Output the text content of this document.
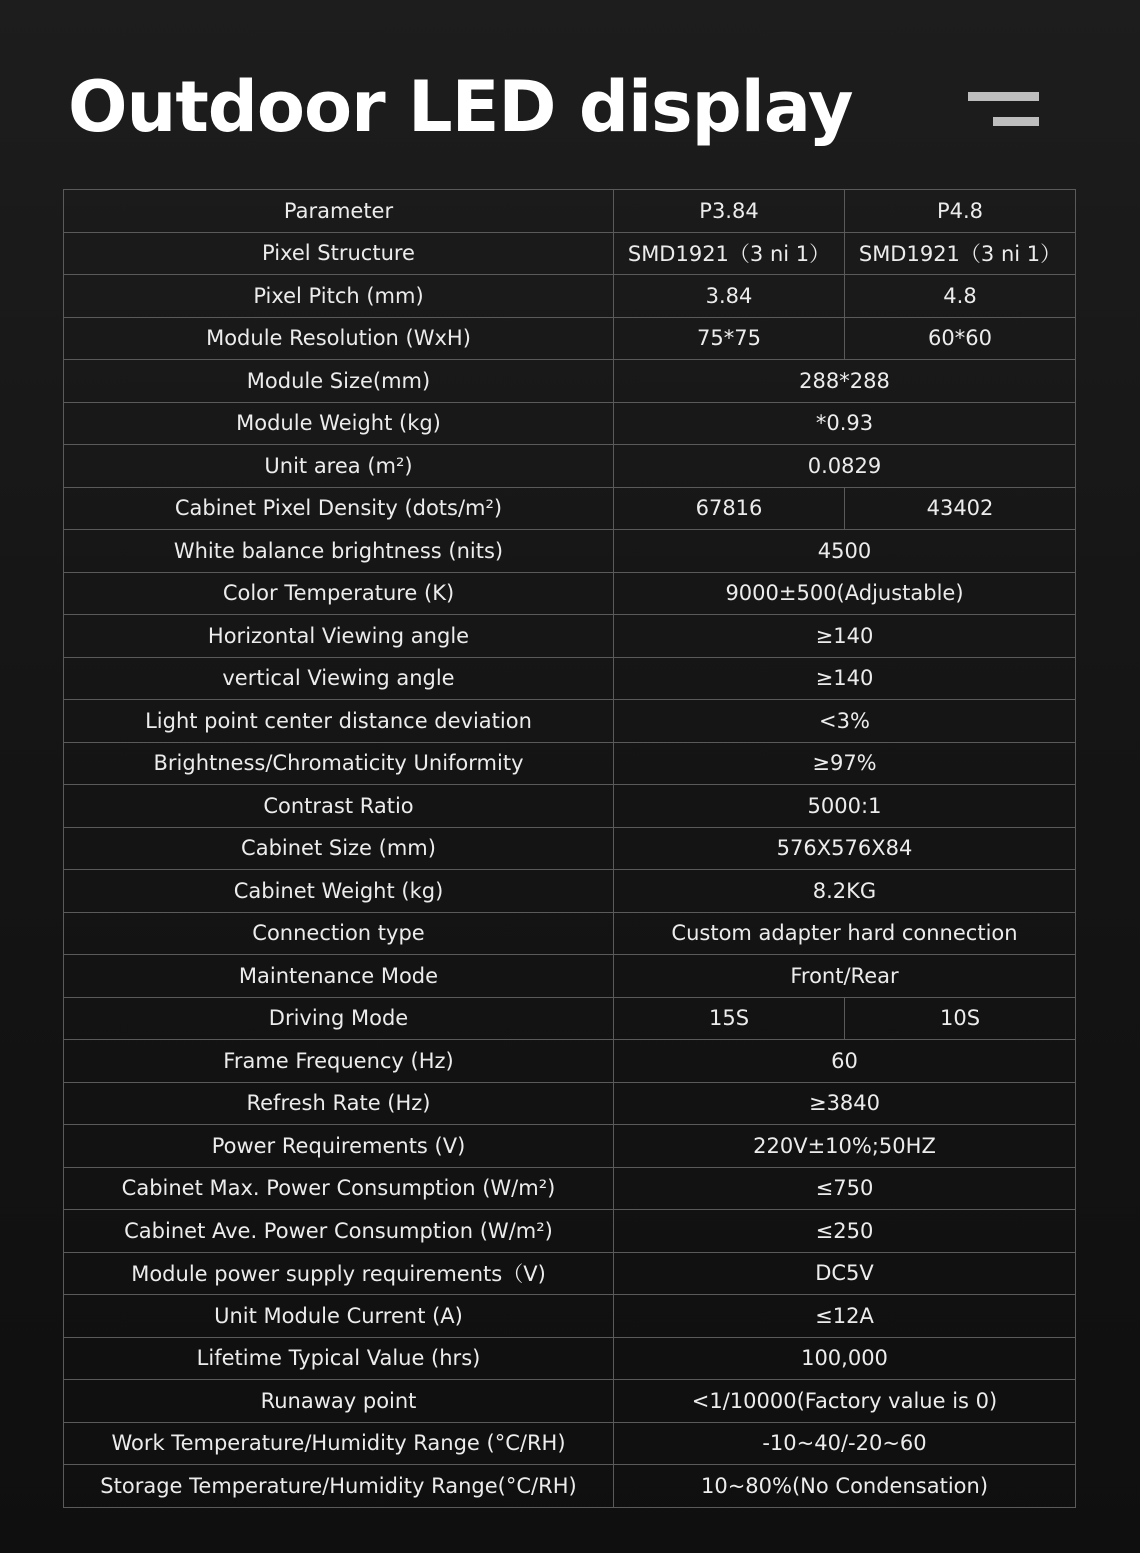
Outdoor LED display
Parameter	P3.84	P4.8
Pixel Structure	SMD1921（3 ni 1）	SMD1921（3 ni 1）
Pixel Pitch (mm)	3.84	4.8
Module Resolution (WxH)	75*75	60*60
Module Size(mm)	288*288	
Module Weight (kg)	*0.93	
Unit area (m²)	0.0829	
Cabinet Pixel Density (dots/m²)	67816	43402
White balance brightness (nits)	4500	
Color Temperature (K)	9000±500(Adjustable)	
Horizontal Viewing angle	≥140	
vertical Viewing angle	≥140	
Light point center distance deviation	<3%	
Brightness/Chromaticity Uniformity	≥97%	
Contrast Ratio	5000:1	
Cabinet Size (mm)	576X576X84	
Cabinet Weight (kg)	8.2KG	
Connection type	Custom adapter hard connection	
Maintenance Mode	Front/Rear	
Driving Mode	15S	10S
Frame Frequency (Hz)	60	
Refresh Rate (Hz)	≥3840	
Power Requirements (V)	220V±10%;50HZ	
Cabinet Max. Power Consumption (W/m²)	≤750	
Cabinet Ave. Power Consumption (W/m²)	≤250	
Module power supply requirements（V)	DC5V	
Unit Module Current (A)	≤12A	
Lifetime Typical Value (hrs)	100,000	
Runaway point	<1/10000(Factory value is 0)	
Work Temperature/Humidity Range (°C/RH)	-10~40/-20~60	
Storage Temperature/Humidity Range(°C/RH)	10~80%(No Condensation)	
